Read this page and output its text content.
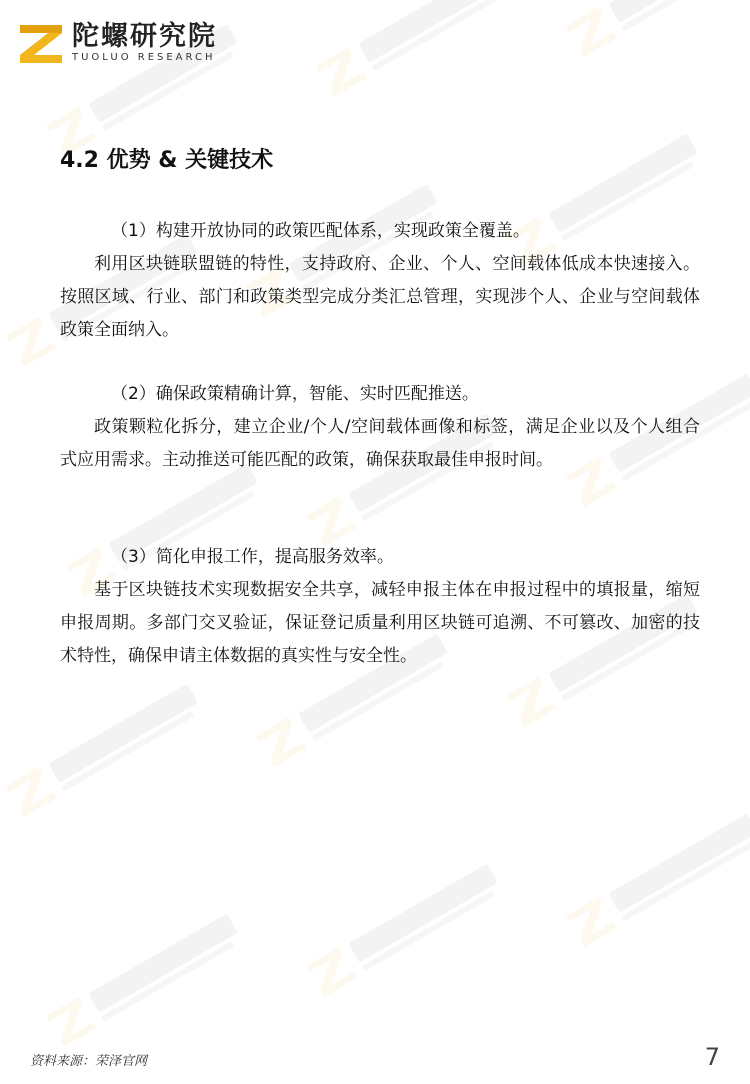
陀螺研究院
TUOLUO RESEARCH
4.2 优势 & 关键技术

（1）构建开放协同的政策匹配体系，实现政策全覆盖。

利用区块链联盟链的特性，支持政府、企业、个人、空间载体低成本快速接入。按照区域、行业、部门和政策类型完成分类汇总管理，实现涉个人、企业与空间载体政策全面纳入。

（2）确保政策精确计算，智能、实时匹配推送。

政策颗粒化拆分，建立企业/个人/空间载体画像和标签，满足企业以及个人组合式应用需求。主动推送可能匹配的政策，确保获取最佳申报时间。

（3）简化申报工作，提高服务效率。

基于区块链技术实现数据安全共享，减轻申报主体在申报过程中的填报量，缩短申报周期。多部门交叉验证，保证登记质量利用区块链可追溯、不可篡改、加密的技术特性，确保申请主体数据的真实性与安全性。

资料来源：荣泽官网	7
